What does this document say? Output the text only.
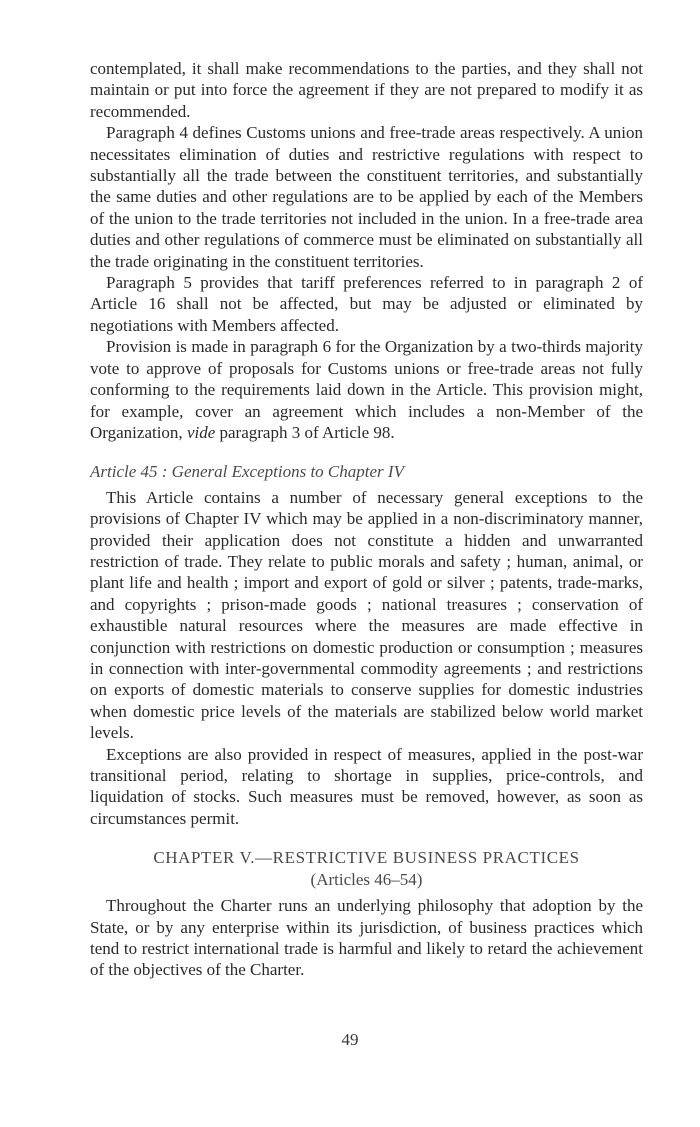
contemplated, it shall make recommendations to the parties, and they shall not maintain or put into force the agreement if they are not prepared to modify it as recommended.

Paragraph 4 defines Customs unions and free-trade areas respectively. A union necessitates elimination of duties and restrictive regulations with respect to substantially all the trade between the constituent territories, and substantially the same duties and other regulations are to be applied by each of the Members of the union to the trade territories not included in the union. In a free-trade area duties and other regulations of commerce must be eliminated on substantially all the trade originating in the constituent territories.

Paragraph 5 provides that tariff preferences referred to in paragraph 2 of Article 16 shall not be affected, but may be adjusted or eliminated by negotiations with Members affected.

Provision is made in paragraph 6 for the Organization by a two-thirds majority vote to approve of proposals for Customs unions or free-trade areas not fully conforming to the requirements laid down in the Article. This provision might, for example, cover an agreement which includes a non-Member of the Organization, vide paragraph 3 of Article 98.

Article 45 : General Exceptions to Chapter IV

This Article contains a number of necessary general exceptions to the provisions of Chapter IV which may be applied in a non-discriminatory manner, provided their application does not constitute a hidden and unwarranted restriction of trade. They relate to public morals and safety ; human, animal, or plant life and health ; import and export of gold or silver ; patents, trade-marks, and copyrights ; prison-made goods ; national treasures ; conservation of exhaustible natural resources where the measures are made effective in conjunction with restrictions on domestic production or consumption ; measures in connection with inter-governmental commodity agreements ; and restrictions on exports of domestic materials to conserve supplies for domestic industries when domestic price levels of the materials are stabilized below world market levels.

Exceptions are also provided in respect of measures, applied in the post-war transitional period, relating to shortage in supplies, price-controls, and liquidation of stocks. Such measures must be removed, however, as soon as circumstances permit.

CHAPTER V.—RESTRICTIVE BUSINESS PRACTICES

(Articles 46–54)

Throughout the Charter runs an underlying philosophy that adoption by the State, or by any enterprise within its jurisdiction, of business practices which tend to restrict international trade is harmful and likely to retard the achievement of the objectives of the Charter.

49
